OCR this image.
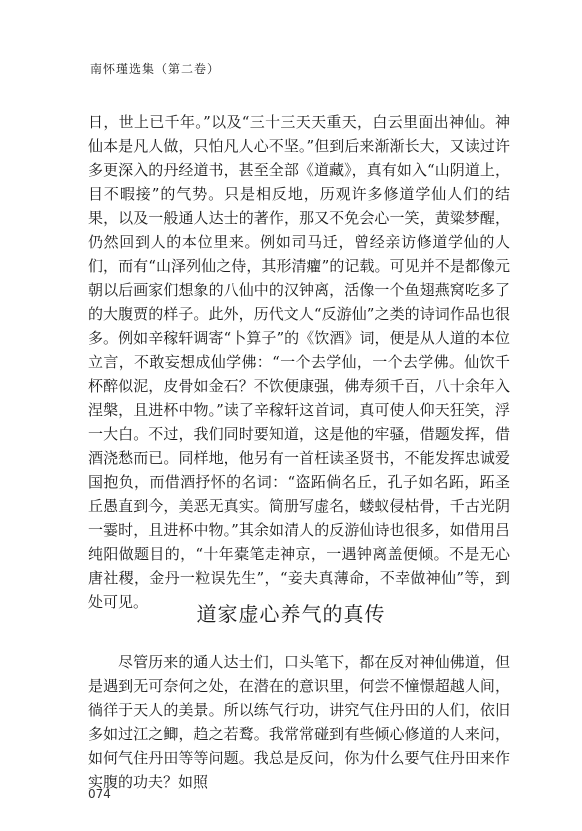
南怀瑾选集（第二卷）

日，世上已千年。”以及“三十三天天重天，白云里面出神仙。神仙本是凡人做，只怕凡人心不坚。”但到后来渐渐长大，又读过许多更深入的丹经道书，甚至全部《道藏》，真有如入“山阴道上，目不暇接”的气势。只是相反地，历观许多修道学仙人们的结果，以及一般通人达士的著作，那又不免会心一笑，黄粱梦醒，仍然回到人的本位里来。例如司马迁，曾经亲访修道学仙的人们，而有“山泽列仙之侍，其形清癯”的记载。可见并不是都像元朝以后画家们想象的八仙中的汉钟离，活像一个鱼翅燕窝吃多了的大腹贾的样子。此外，历代文人“反游仙”之类的诗词作品也很多。例如辛稼轩调寄“卜算子”的《饮酒》词，便是从人道的本位立言，不敢妄想成仙学佛：“一个去学仙，一个去学佛。仙饮千杯醉似泥，皮骨如金石？不饮便康强，佛寿须千百，八十余年入涅槃，且进杯中物。”读了辛稼轩这首词，真可使人仰天狂笑，浮一大白。不过，我们同时要知道，这是他的牢骚，借题发挥，借酒浇愁而已。同样地，他另有一首枉读圣贤书，不能发挥忠诚爱国抱负，而借酒抒怀的名词：“盗跖倘名丘，孔子如名跖，跖圣丘愚直到今，美恶无真实。简册写虚名，蝼蚁侵枯骨，千古光阴一霎时，且进杯中物。”其余如清人的反游仙诗也很多，如借用吕纯阳做题目的，“十年橐笔走神京，一遇钟离盖便倾。不是无心唐社稷，金丹一粒误先生”，“妾夫真薄命，不幸做神仙”等，到处可见。	道家虚心养气的真传

尽管历来的通人达士们，口头笔下，都在反对神仙佛道，但是遇到无可奈何之处，在潜在的意识里，何尝不憧憬超越人间，徜徉于天人的美景。所以练气行功，讲究气住丹田的人们，依旧多如过江之鲫，趋之若鹜。我常常碰到有些倾心修道的人来问，如何气住丹田等等问题。我总是反问，你为什么要气住丹田来作实腹的功夫？如照

074
